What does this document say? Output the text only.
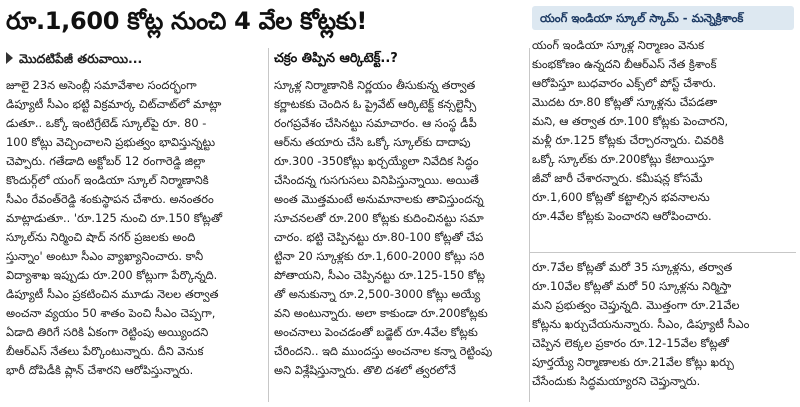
రూ.1,600 కోట్ల నుంచి 4 వేల కోట్లకు!	యంగ్ ఇండియా స్కూల్ స్కామ్ - మన్నెక్రిశాంక్
మొదటిపేజీ తరువాయి...	చక్రం తిప్పిన ఆర్కిటెక్ట్..?
జూలై 23న అసెంబ్లీ సమావేశాల సందర్భంగా
డిప్యూటీ సీఎం భట్టి విక్రమార్క చిట్‌చాట్‌లో మాట్లా
డుతూ.. ఒక్కో ఇంటిగ్రేటెడ్ స్కూల్‌పై రూ. 80 -
100 కోట్లు వెచ్చించాలని ప్రభుత్వం భావిస్తున్నట్టు
చెప్పారు. గతేడాది అక్టోబర్ 12 రంగారెడ్డి జిల్లా
కొందుర్గ్‌లో యంగ్ ఇండియా స్కూల్ నిర్మాణానికి
సీఎం రేవంత్‌రెడ్డి శంకుస్థాపన చేశారు. అనంతరం
మాట్లాడుతూ.. 'రూ.125 నుంచి రూ.150 కోట్లతో
స్కూల్‌ను నిర్మించి షాద్ నగర్ ప్రజలకు అంది
స్తున్నాం' అంటూ సీఎం వ్యాఖ్యానించారు. కానీ
విద్యాశాఖ ఇప్పుడు రూ.200 కోట్లుగా పేర్కొన్నది.
డిప్యూటీ సీఎం ప్రకటించిన మూడు నెలల తర్వాత
అంచనా వ్యయం 50 శాతం పెంచి సీఎం చెప్పగా,
ఏడాది తిరిగే సరికి ఏకంగా రెట్టింపు అయ్యిందని
బీఆర్ఎస్ నేతలు పేర్కొంటున్నారు. దీని వెనుక
భారీ దోపిడీకి ప్లాన్ చేశారని ఆరోపిస్తున్నారు.
స్కూళ్ల నిర్మాణానికి నిర్ణయం తీసుకున్న తర్వాత
కర్ణాటకకు చెందిన ఓ ప్రైవేట్ ఆర్కిటెక్ట్ కన్సల్టెన్సీ
రంగప్రవేశం చేసినట్టు సమాచారం. ఆ సంస్థ డీపీ
ఆర్‌ను తయారు చేసి ఒక్కో స్కూల్‌కు దాదాపు
రూ.300 -350కోట్లు ఖర్చయ్యేలా నివేదిక సిద్ధం
చేసిందన్న గుసగుసలు వినిపిస్తున్నాయి. అయితే
అంత మొత్తమంటే అనుమానాలకు తావిస్తుందన్న
సూచనలతో రూ.200 కోట్లకు కుదించినట్టు సమా
చారం. భట్టి చెప్పినట్టు రూ.80-100 కోట్లతో చేప
ట్టినా 20 స్కూళ్లకు రూ.1,600-2000 కోట్లు సరి
పోతాయని, సీఎం చెప్పినట్టు రూ.125-150 కోట్ల
తో అనుకున్నా రూ.2,500-3000 కోట్లు అయ్యే
వని అంటున్నారు. అలా కాకుండా రూ.200కోట్లకు
అంచనాలు పెంచడంతో బడ్జెట్ రూ.4వేల కోట్లకు
చేరిందని.. ఇది ముందస్తు అంచనాల కన్నా రెట్టింపు
అని విశ్లేషిస్తున్నారు. తొలి దశలో త్వరలోనే
యంగ్ ఇండియా స్కూళ్ల నిర్మాణం వెనుక
కుంభకోణం ఉన్నదని బీఆర్ఎస్ నేత క్రిశాంక్
ఆరోపిస్తూ బుధవారం ఎక్స్‌లో పోస్ట్ చేశారు.
మొదట రూ.80 కోట్లతో స్కూళ్లను చేపడతా
మని, ఆ తర్వాత రూ.100 కోట్లకు పెంచారని,
మళ్లీ రూ.125 కోట్లకు చేర్చారన్నారు. చివరికి
ఒక్కో స్కూల్‌కు రూ.200కోట్లు కేటాయిస్తూ
జీవో జారీ చేశారన్నారు. కమీషన్ల కోసమే
రూ.1,600 కోట్లతో కట్టాల్సిన భవనాలను
రూ.4వేల కోట్లకు పెంచారని ఆరోపించారు.
రూ.7వేల కోట్లతో మరో 35 స్కూళ్లను, తర్వాత
రూ.10వేల కోట్లతో మరో 50 స్కూళ్లను నిర్మిస్తా
మని ప్రభుత్వం చెప్తున్నది. మొత్తంగా రూ.21వేల
కోట్లను ఖర్చుచేయనున్నారు. సీఎం, డిప్యూటీ సీఎం
చెప్పిన లెక్కల ప్రకారం రూ.12-15వేల కోట్లతో
పూర్తయ్యే నిర్మాణాలకు రూ.21వేల కోట్లు ఖర్చు
చేసేందుకు సిద్ధమయ్యారని చెప్తున్నారు.
